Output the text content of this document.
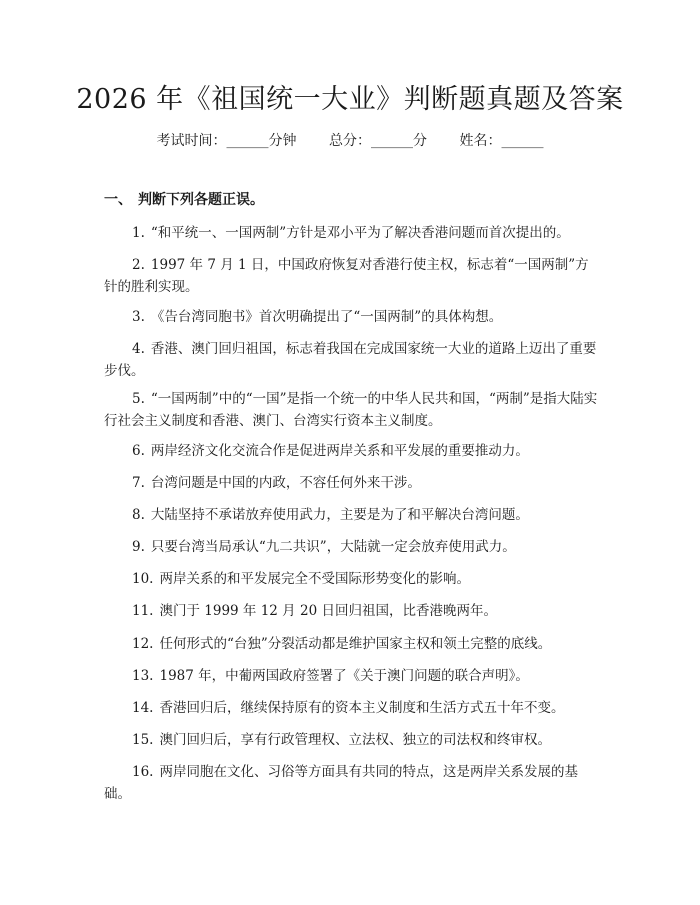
2026 年《祖国统一大业》判断题真题及答案
考试时间：______分钟 总分：______分 姓名：______
一、 判断下列各题正误。

1. “和平统一、一国两制”方针是邓小平为了解决香港问题而首次提出的。

2. 1997 年 7 月 1 日，中国政府恢复对香港行使主权，标志着“一国两制”方针的胜利实现。

3. 《告台湾同胞书》首次明确提出了“一国两制”的具体构想。

4. 香港、澳门回归祖国，标志着我国在完成国家统一大业的道路上迈出了重要步伐。

5. “一国两制”中的“一国”是指一个统一的中华人民共和国，“两制”是指大陆实行社会主义制度和香港、澳门、台湾实行资本主义制度。

6. 两岸经济文化交流合作是促进两岸关系和平发展的重要推动力。

7. 台湾问题是中国的内政，不容任何外来干涉。

8. 大陆坚持不承诺放弃使用武力，主要是为了和平解决台湾问题。

9. 只要台湾当局承认“九二共识”，大陆就一定会放弃使用武力。

10. 两岸关系的和平发展完全不受国际形势变化的影响。

11. 澳门于 1999 年 12 月 20 日回归祖国，比香港晚两年。

12. 任何形式的“台独”分裂活动都是维护国家主权和领土完整的底线。

13. 1987 年，中葡两国政府签署了《关于澳门问题的联合声明》。

14. 香港回归后，继续保持原有的资本主义制度和生活方式五十年不变。

15. 澳门回归后，享有行政管理权、立法权、独立的司法权和终审权。

16. 两岸同胞在文化、习俗等方面具有共同的特点，这是两岸关系发展的基础。
